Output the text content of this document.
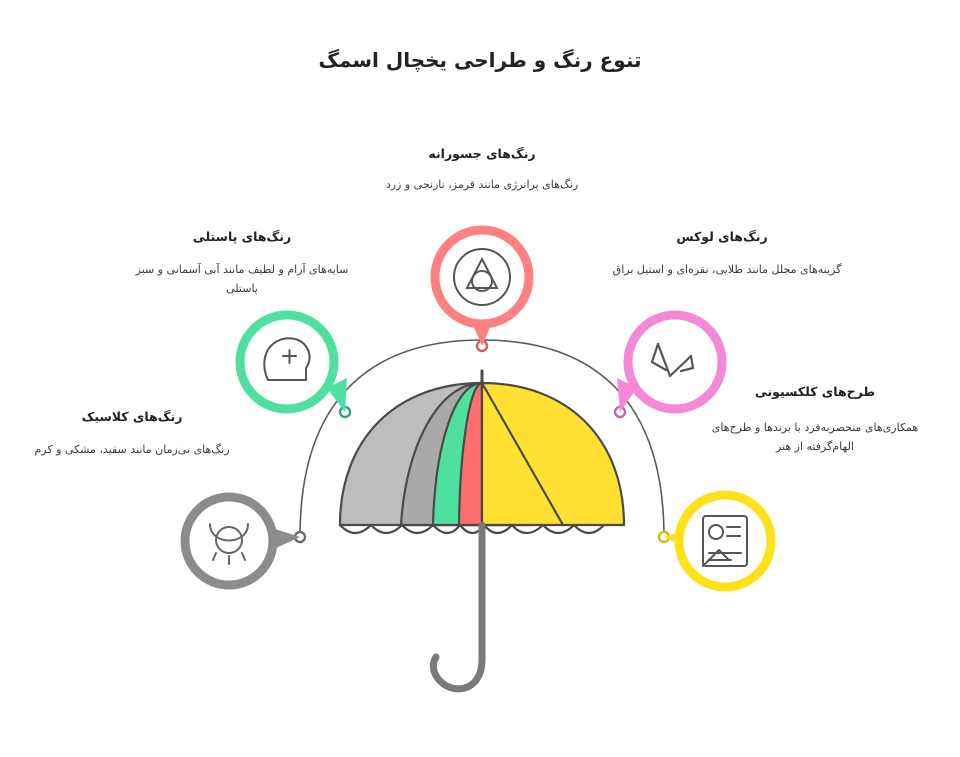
تنوع رنگ و طراحی یخچال اسمگ
رنگ‌های جسورانه
رنگ‌های پرانرژی مانند قرمز، نارنجی و زرد
رنگ‌های پاستلی
سایه‌های آرام و لطیف مانند آبی آسمانی و سبز پاستلی
رنگ‌های لوکس
گزینه‌های مجلل مانند طلایی، نقره‌ای و استیل براق
رنگ‌های کلاسیک
رنگ‌های بی‌زمان مانند سفید، مشکی و کرم
طرح‌های کلکسیونی
همکاری‌های منحصربه‌فرد با برندها و طرح‌های الهام‌گرفته از هنر
